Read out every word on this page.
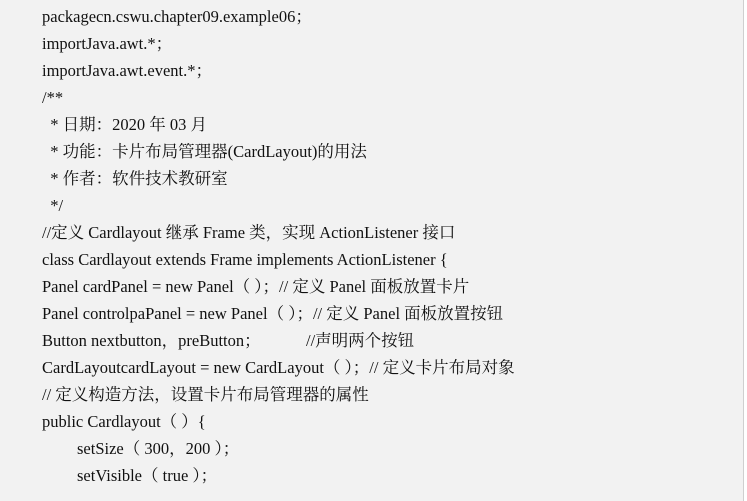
packagecn.cswu.chapter09.example06；
importJava.awt.*；
importJava.awt.event.*；
/**
* 日期：2020 年 03 月
* 功能：卡片布局管理器(CardLayout)的用法
* 作者：软件技术教研室
*/
//定义 Cardlayout 继承 Frame 类，实现 ActionListener 接口
class Cardlayout extends Frame implements ActionListener {
Panel cardPanel = new Panel（ ）；// 定义 Panel 面板放置卡片
Panel controlpaPanel = new Panel（ ）；// 定义 Panel 面板放置按钮
Button nextbutton，preButton；           //声明两个按钮
CardLayoutcardLayout = new CardLayout（ ）；// 定义卡片布局对象
// 定义构造方法，设置卡片布局管理器的属性
public Cardlayout（ ）{
setSize（ 300，200 ）；
setVisible（ true ）；
